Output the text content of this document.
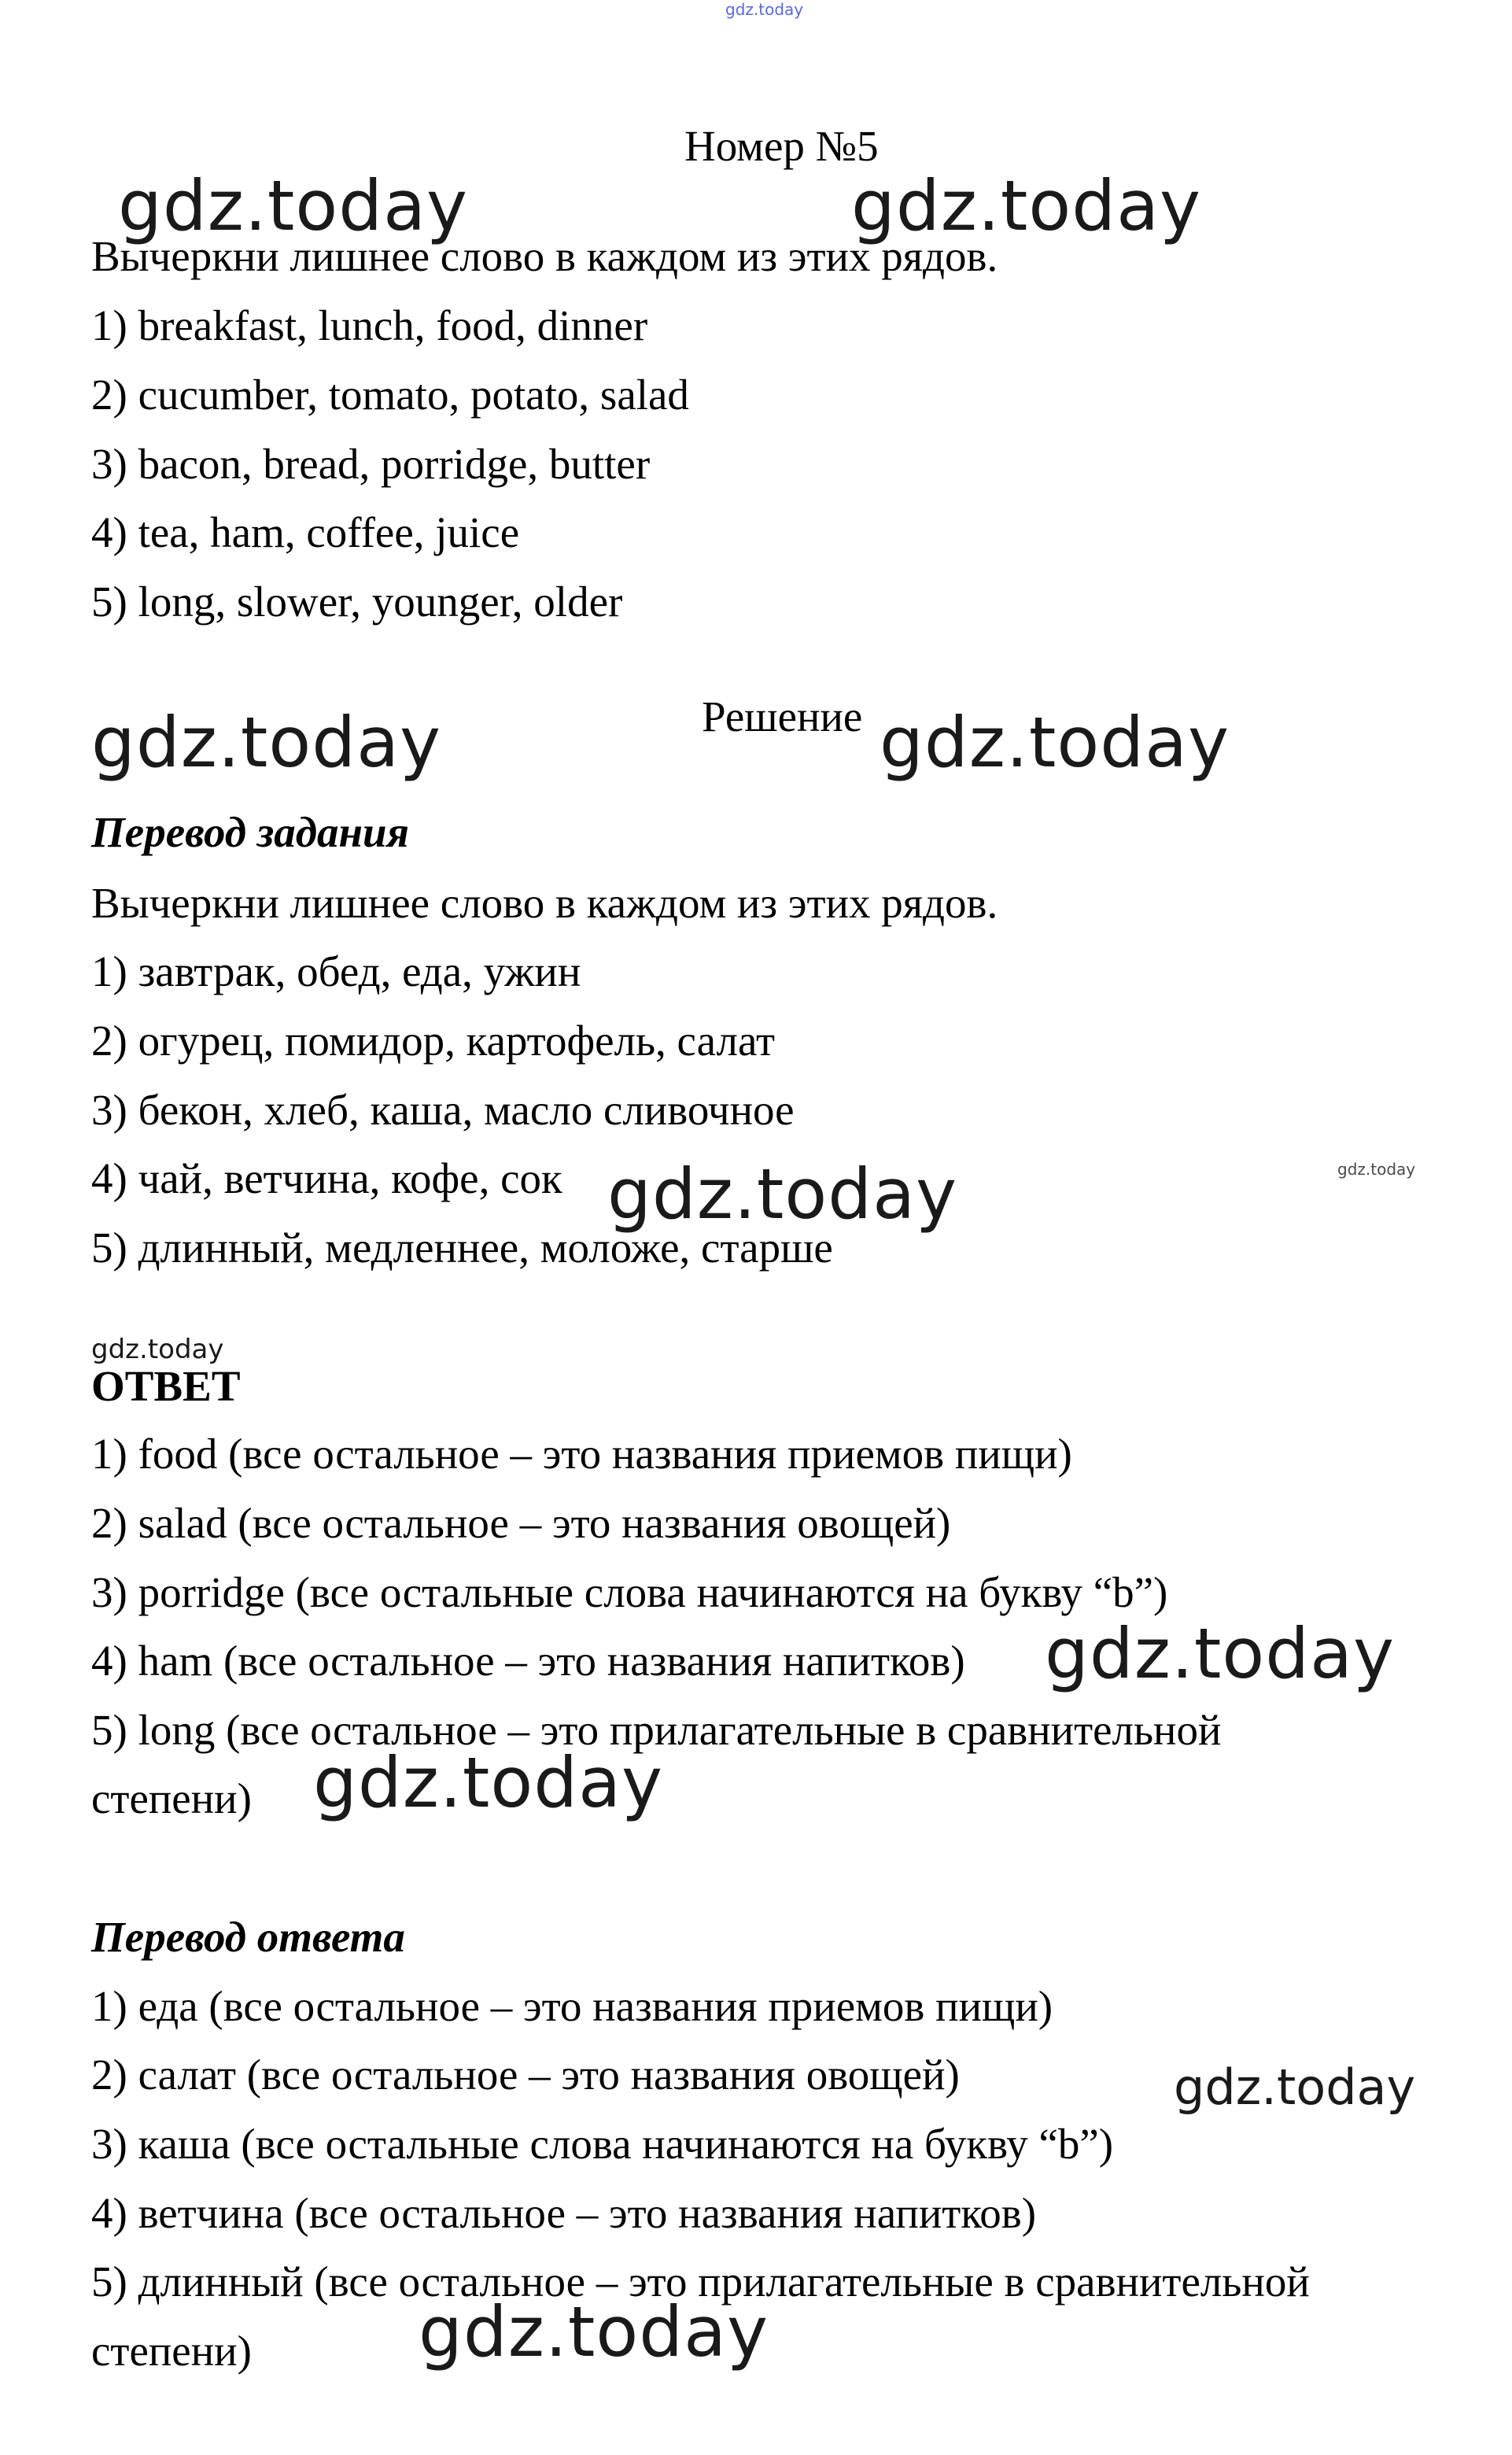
Номер №5
Вычеркни лишнее слово в каждом из этих рядов.
1) breakfast, lunch, food, dinner
2) cucumber, tomato, potato, salad
3) bacon, bread, porridge, butter
4) tea, ham, coffee, juice
5) long, slower, younger, older
Решение
Перевод задания
Вычеркни лишнее слово в каждом из этих рядов.
1) завтрак, обед, еда, ужин
2) огурец, помидор, картофель, салат
3) бекон, хлеб, каша, масло сливочное
4) чай, ветчина, кофе, сок
5) длинный, медленнее, моложе, старше
ОТВЕТ
1) food (все остальное – это названия приемов пищи)
2) salad (все остальное – это названия овощей)
3) porridge (все остальные слова начинаются на букву “b”)
4) ham (все остальное – это названия напитков)
5) long (все остальное – это прилагательные в сравнительной
степени)
Перевод ответа
1) еда (все остальное – это названия приемов пищи)
2) салат (все остальное – это названия овощей)
3) каша (все остальные слова начинаются на букву “b”)
4) ветчина (все остальное – это названия напитков)
5) длинный (все остальное – это прилагательные в сравнительной
степени)
gdz.today
gdz.today	gdz.today
gdz.today	gdz.today
gdz.today	gdz.today
gdz.today
gdz.today
gdz.today
gdz.today
gdz.today
